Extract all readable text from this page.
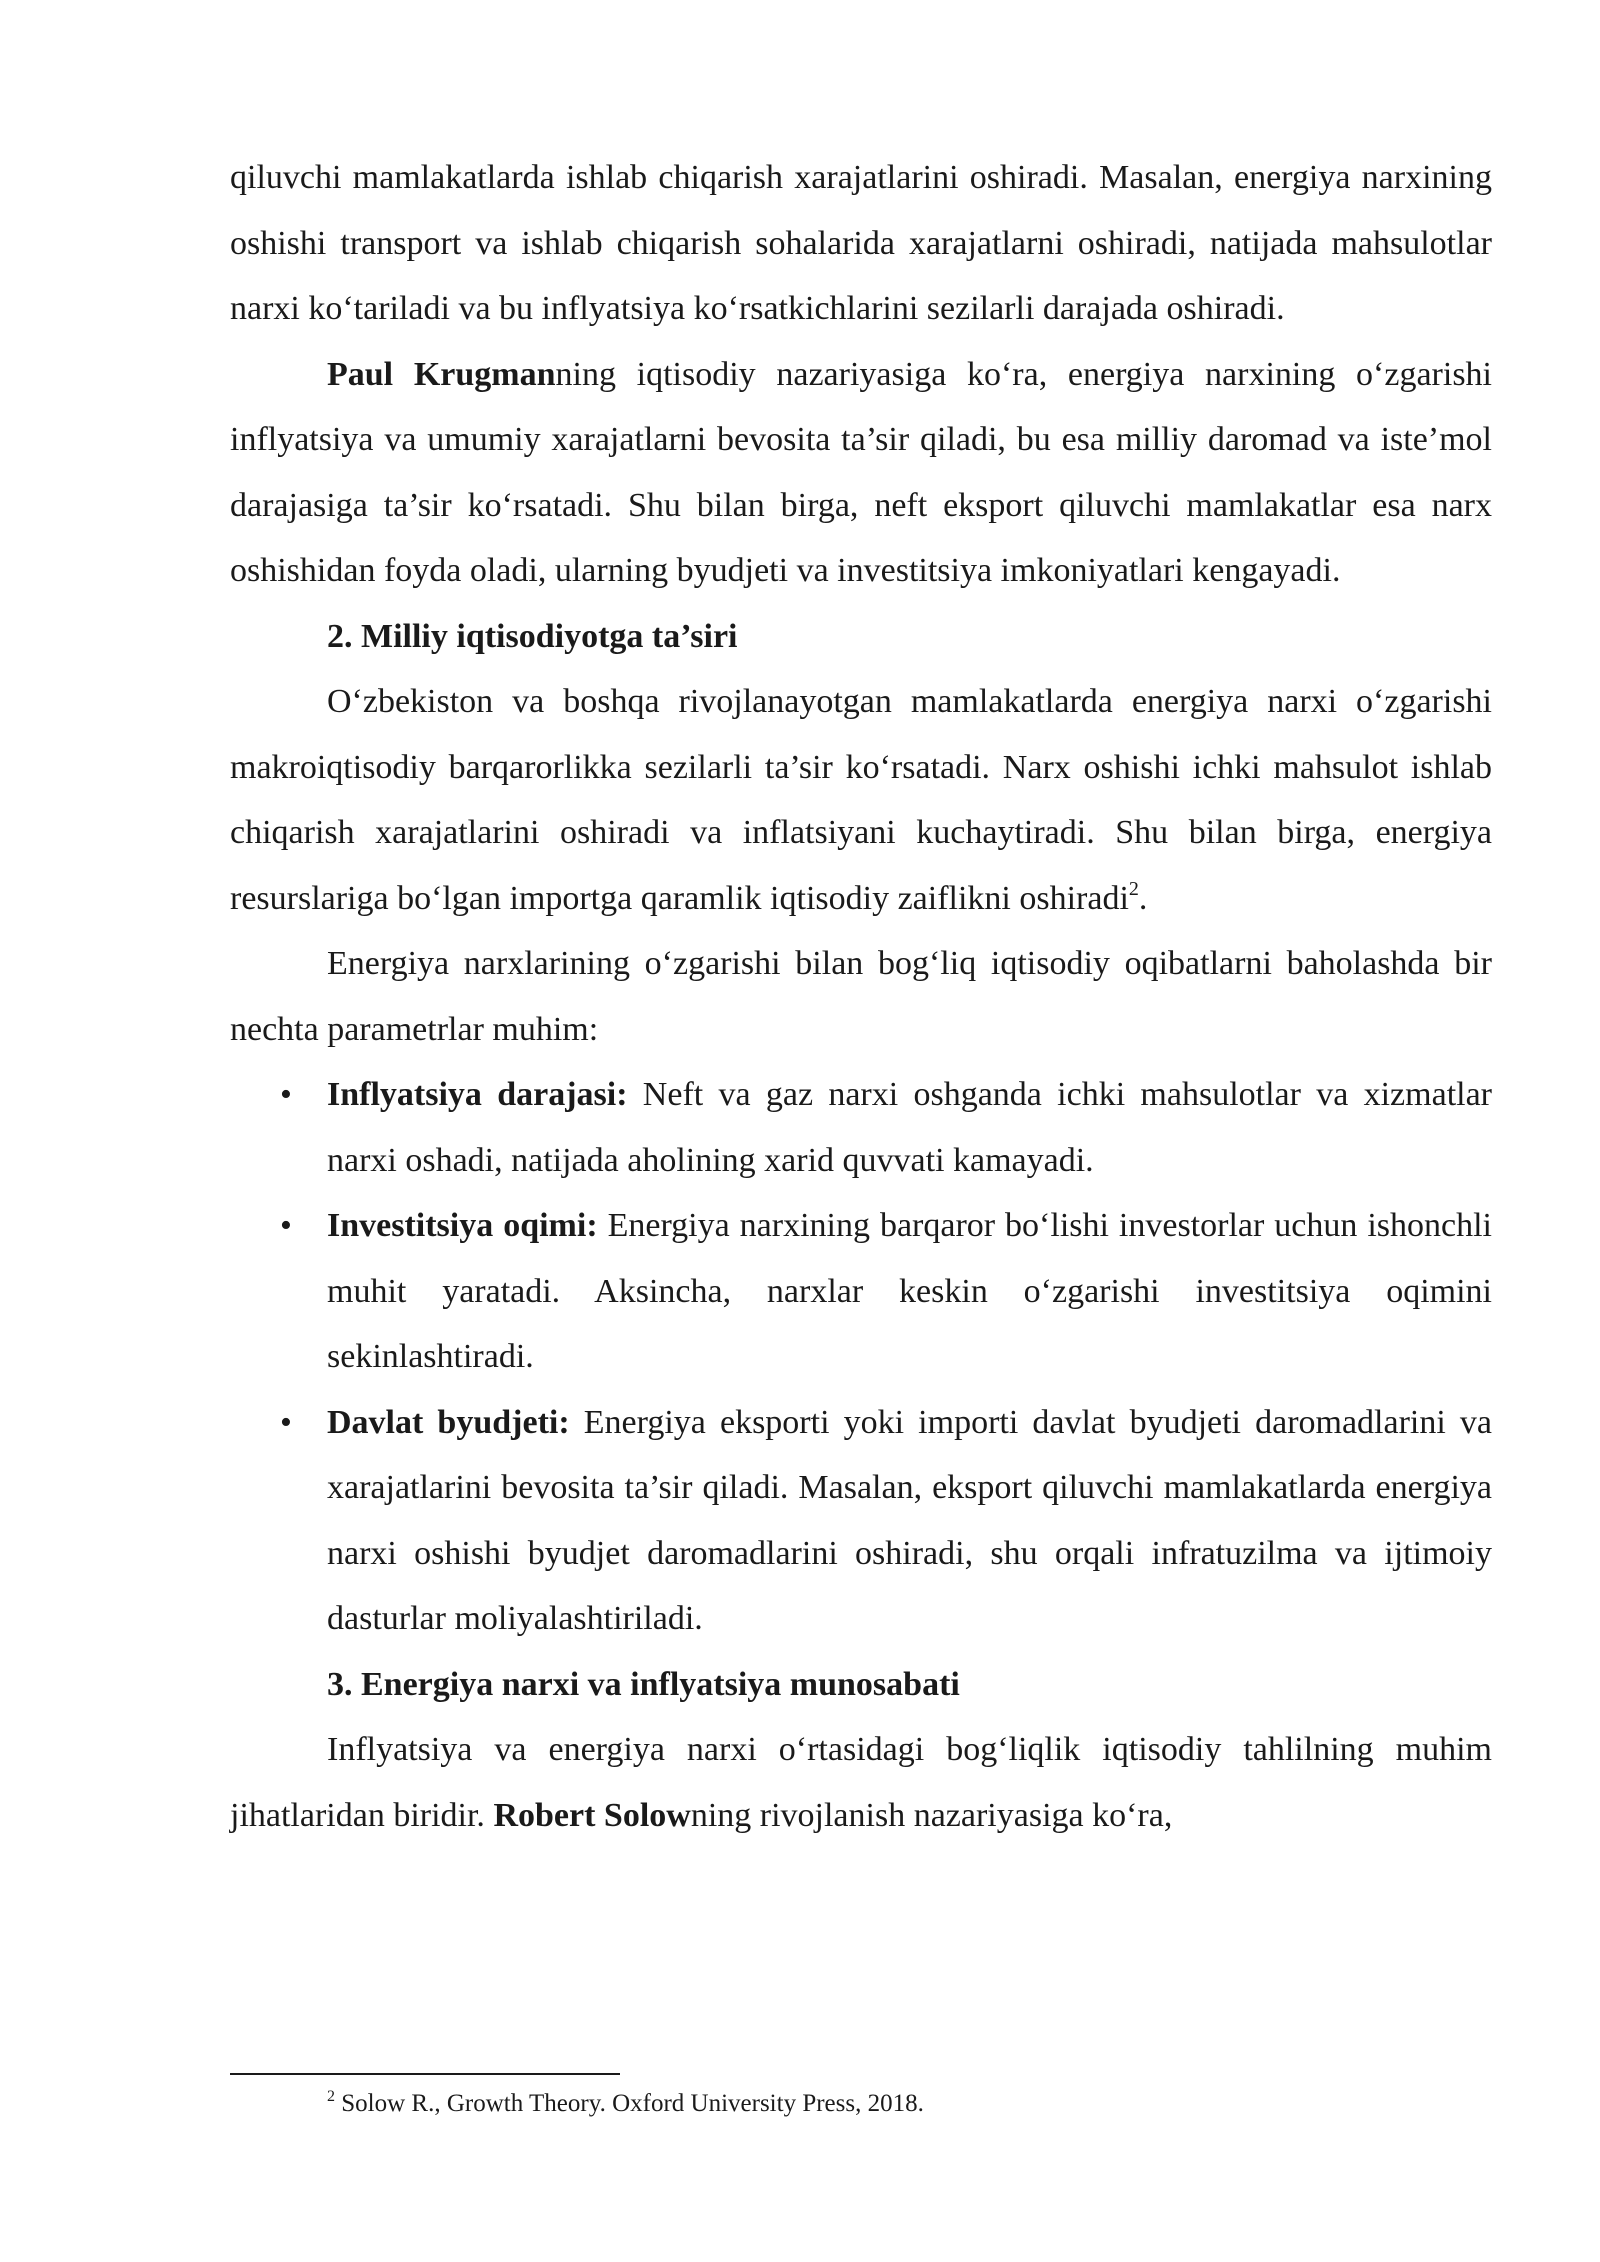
qiluvchi mamlakatlarda ishlab chiqarish xarajatlarini oshiradi. Masalan, energiya narxining oshishi transport va ishlab chiqarish sohalarida xarajatlarni oshiradi, natijada mahsulotlar narxi ko‘tariladi va bu inflyatsiya ko‘rsatkichlarini sezilarli darajada oshiradi.

Paul Krugmanning iqtisodiy nazariyasiga ko‘ra, energiya narxining o‘zgarishi inflyatsiya va umumiy xarajatlarni bevosita ta’sir qiladi, bu esa milliy daromad va iste’mol darajasiga ta’sir ko‘rsatadi. Shu bilan birga, neft eksport qiluvchi mamlakatlar esa narx oshishidan foyda oladi, ularning byudjeti va investitsiya imkoniyatlari kengayadi.

2. Milliy iqtisodiyotga ta’siri

O‘zbekiston va boshqa rivojlanayotgan mamlakatlarda energiya narxi o‘zgarishi makroiqtisodiy barqarorlikka sezilarli ta’sir ko‘rsatadi. Narx oshishi ichki mahsulot ishlab chiqarish xarajatlarini oshiradi va inflatsiyani kuchaytiradi. Shu bilan birga, energiya resurslariga bo‘lgan importga qaramlik iqtisodiy zaiflikni oshiradi$^2$.

Energiya narxlarining o‘zgarishi bilan bog‘liq iqtisodiy oqibatlarni baholashda bir nechta parametrlar muhim:

• Inflyatsiya darajasi: Neft va gaz narxi oshganda ichki mahsulotlar va xizmatlar narxi oshadi, natijada aholining xarid quvvati kamayadi.
• Investitsiya oqimi: Energiya narxining barqaror bo‘lishi investorlar uchun ishonchli muhit yaratadi. Aksincha, narxlar keskin o‘zgarishi investitsiya oqimini sekinlashtiradi.
• Davlat byudjeti: Energiya eksporti yoki importi davlat byudjeti daromadlarini va xarajatlarini bevosita ta’sir qiladi. Masalan, eksport qiluvchi mamlakatlarda energiya narxi oshishi byudjet daromadlarini oshiradi, shu orqali infratuzilma va ijtimoiy dasturlar moliyalashtiriladi.
3. Energiya narxi va inflyatsiya munosabati

Inflyatsiya va energiya narxi o‘rtasidagi bog‘liqlik iqtisodiy tahlilning muhim jihatlaridan biridir. Robert Solowning rivojlanish nazariyasiga ko‘ra,

$^2$ Solow R., Growth Theory. Oxford University Press, 2018.
